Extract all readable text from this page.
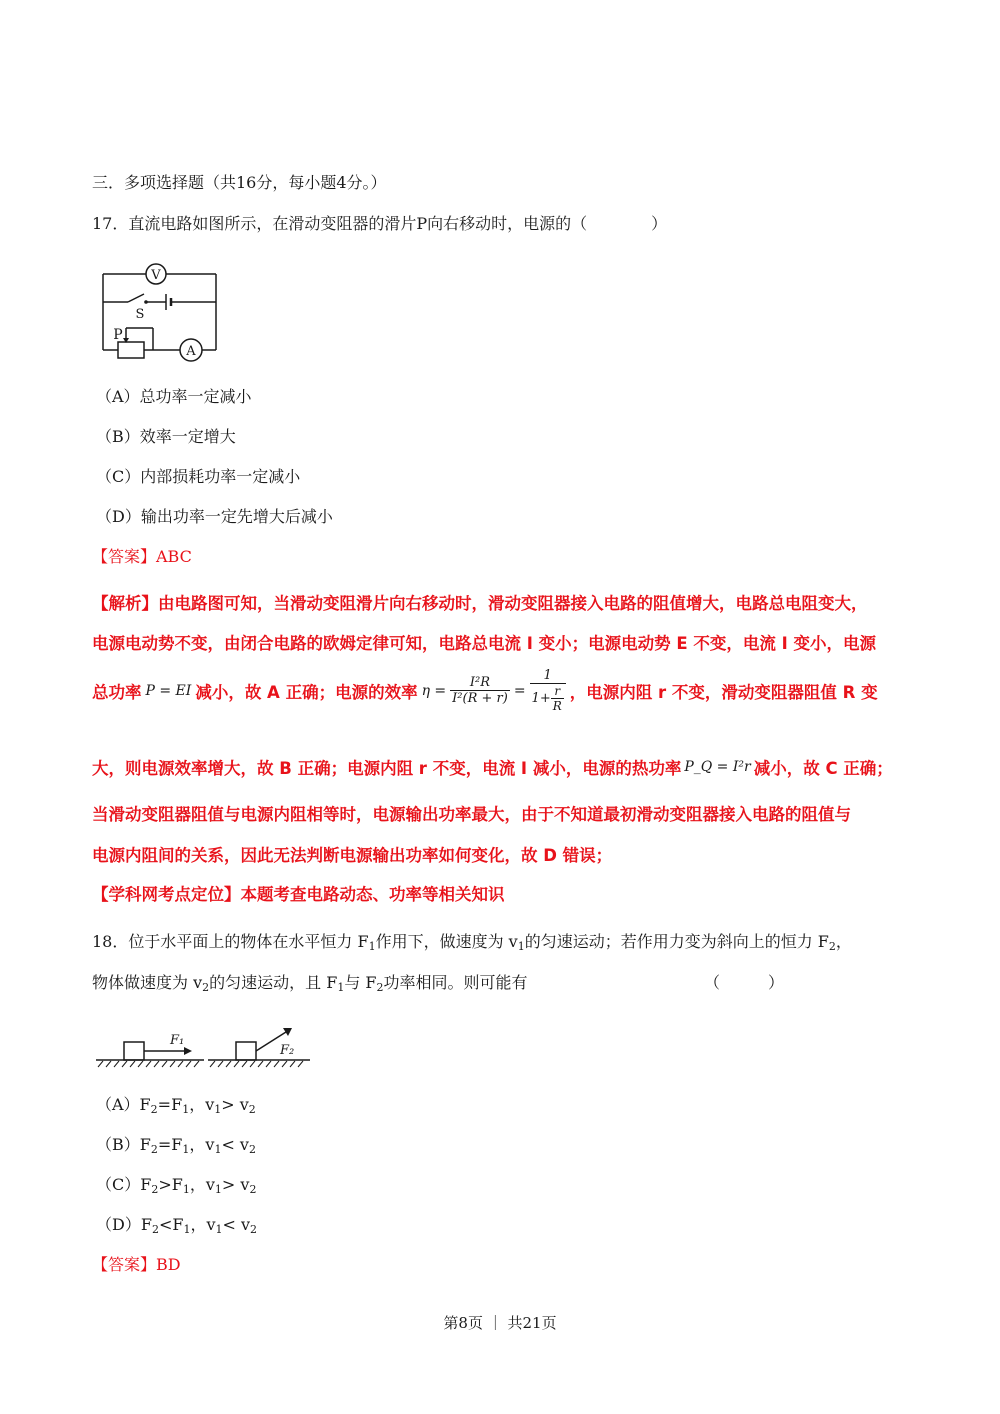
三．多项选择题（共16分，每小题4分。）
17．直流电路如图所示，在滑动变阻器的滑片P向右移动时，电源的（　　　　）
V
S
P
A
（A）总功率一定减小
（B）效率一定增大
（C）内部损耗功率一定减小
（D）输出功率一定先增大后减小
【答案】ABC
【解析】由电路图可知，当滑动变阻滑片向右移动时，滑动变阻器接入电路的阻值增大，电路总电阻变大，
电源电动势不变，由闭合电路的欧姆定律可知，电路总电流 I 变小；电源电动势 E 不变，电流 I 变小，电源
总功率 P = EI 减小，故 A 正确；电源的效率 $\eta = \frac{\text{I²R}}{\text{I²(R + r)}} = \frac{1}{1+ \frac{r}{R}}$ ，电源内阻 r 不变，滑动变阻器阻值 R 变
大，则电源效率增大，故 B 正确；电源内阻 r 不变，电流 I 减小，电源的热功率 P_Q = I²r 减小，故 C 正确；
当滑动变阻器阻值与电源内阻相等时，电源输出功率最大，由于不知道最初滑动变阻器接入电路的阻值与
电源内阻间的关系，因此无法判断电源输出功率如何变化，故 D 错误；
【学科网考点定位】本题考查电路动态、功率等相关知识
18．位于水平面上的物体在水平恒力 $F_1$作用下，做速度为 $v_1$的匀速运动；若作用力变为斜向上的恒力 $F_2$，
物体做速度为 $v_2$的匀速运动，且 $F_1$与 $F_2$功率相同。则可能有	（　　　）
F₁
F₂
$(A)F_2=F_1$，$v_1> v_2$
$(B)F_2=F_1$，$v_1< v_2$
$(C)F_2>F_1$，$v_1> v_2$
$(D)F_2<F_1$，$v_1< v_2$
【答案】BD
第8页 ｜ 共21页
